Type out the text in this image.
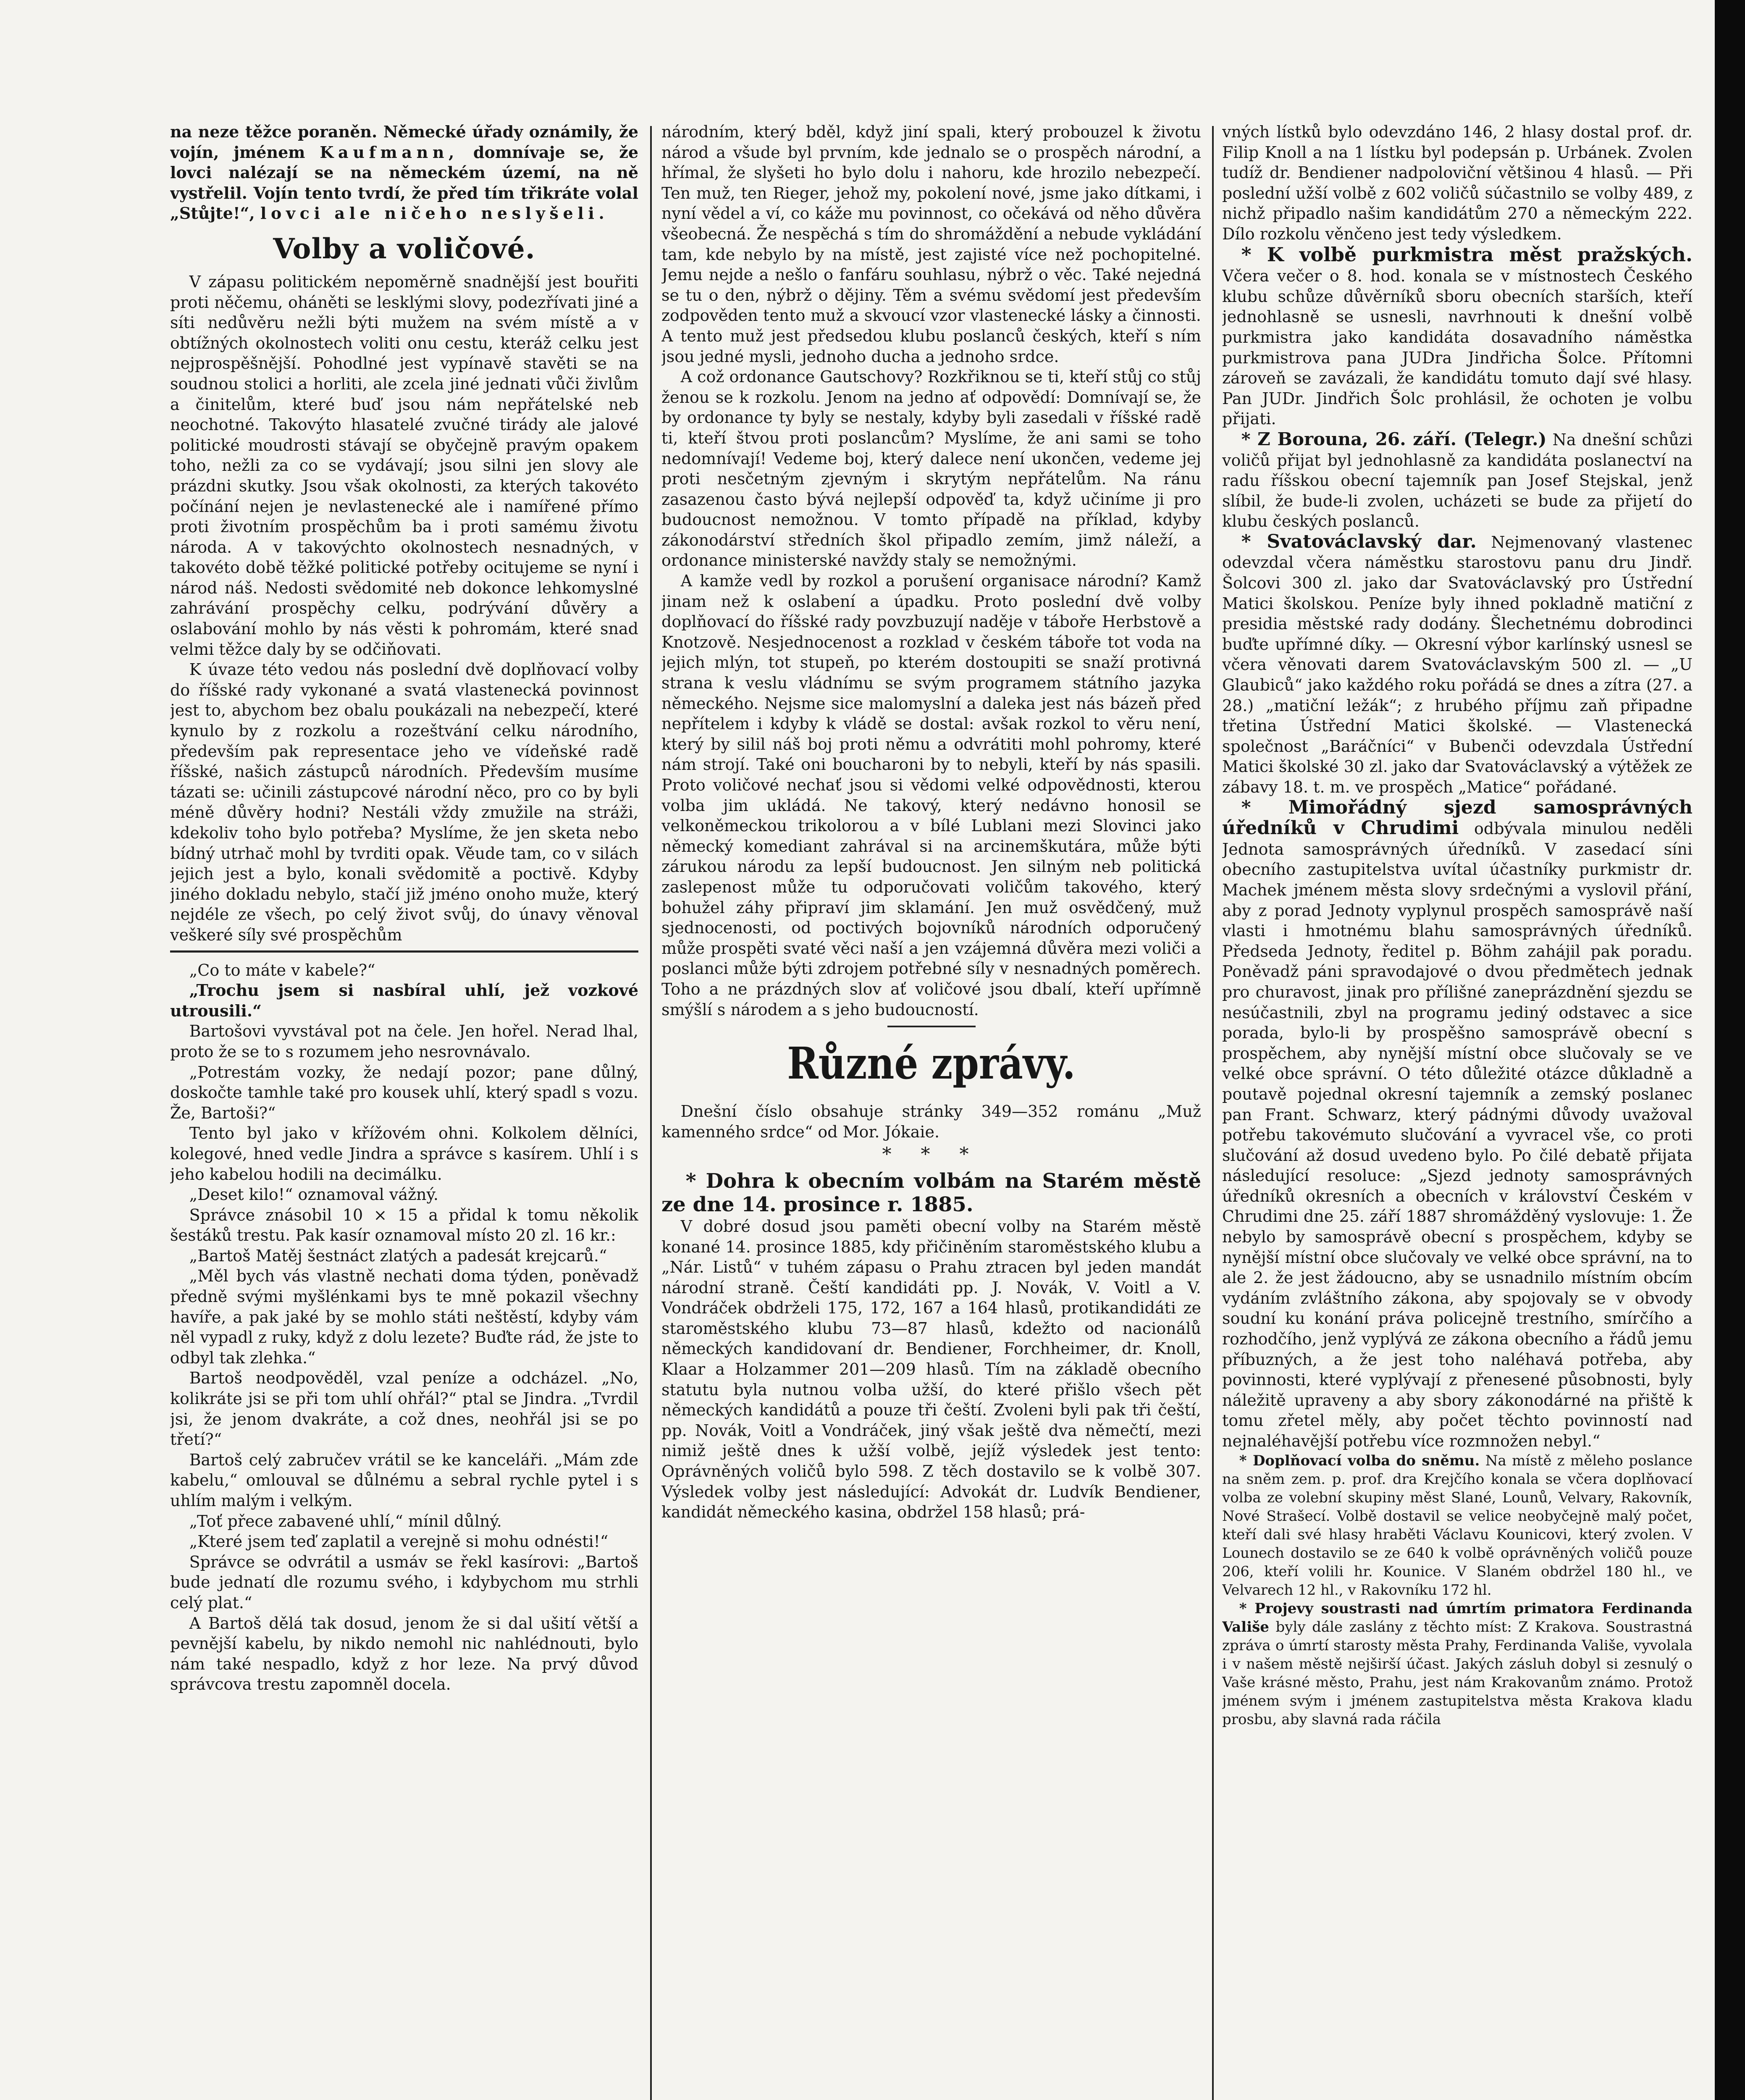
na neze těžce poraněn. Německé úřady oznámily, že vojín, jménem Kaufmann, domnívaje se, že lovci nalézají se na německém území, na ně vystřelil. Vojín tento tvrdí, že před tím třikráte volal „Stůjte!“, lovci ale ničeho neslyšeli.

Volby a voličové.

V zápasu politickém nepoměrně snadnější jest bouřiti proti něčemu, oháněti se lesklými slovy, podezřívati jiné a síti nedůvěru nežli býti mužem na svém místě a v obtížných okolnostech voliti onu cestu, kteráž celku jest nejprospěšnější. Pohodlné jest vypínavě stavěti se na soudnou stolici a horliti, ale zcela jiné jednati vůči živlům a činitelům, které buď jsou nám nepřátelské neb neochotné. Takovýto hlasatelé zvučné tirády ale jalové politické moudrosti stávají se obyčejně pravým opakem toho, nežli za co se vydávají; jsou silni jen slovy ale prázdni skutky. Jsou však okolnosti, za kterých takovéto počínání nejen je nevlastenecké ale i namířené přímo proti životním prospěchům ba i proti samému životu národa. A v takovýchto okolnostech nesnadných, v takovéto době těžké politické potřeby ocitujeme se nyní i národ náš. Nedosti svědomité neb dokonce lehkomyslné zahrávání prospěchy celku, podrývání důvěry a oslabování mohlo by nás věsti k pohromám, které snad velmi těžce daly by se odčiňovati.

K úvaze této vedou nás poslední dvě doplňovací volby do říšské rady vykonané a svatá vlastenecká povinnost jest to, abychom bez obalu poukázali na nebezpečí, které kynulo by z rozkolu a rozeštvání celku národního, především pak representace jeho ve vídeňské radě říšské, našich zástupců národních. Především musíme tázati se: učinili zástupcové národní něco, pro co by byli méně důvěry hodni? Nestáli vždy zmužile na stráži, kdekoliv toho bylo potřeba? Myslíme, že jen sketa nebo bídný utrhač mohl by tvrditi opak. Věude tam, co v silách jejich jest a bylo, konali svědomitě a poctivě. Kdyby jiného dokladu nebylo, stačí již jméno onoho muže, který nejdéle ze všech, po celý život svůj, do únavy věnoval veškeré síly své prospěchům

„Co to máte v kabele?“

„Trochu jsem si nasbíral uhlí, jež vozkové utrousili.“

Bartošovi vyvstával pot na čele. Jen hořel. Nerad lhal, proto že se to s rozumem jeho nesrovnávalo.

„Potrestám vozky, že nedají pozor; pane důlný, doskočte tamhle také pro kousek uhlí, který spadl s vozu. Že, Bartoši?“

Tento byl jako v křížovém ohni. Kolkolem dělníci, kolegové, hned vedle Jindra a správce s kasírem. Uhlí i s jeho kabelou hodili na decimálku.

„Deset kilo!“ oznamoval vážný.

Správce znásobil 10 × 15 a přidal k tomu několik šestáků trestu. Pak kasír oznamoval místo 20 zl. 16 kr.:

„Bartoš Matěj šestnáct zlatých a padesát krejcarů.“

„Měl bych vás vlastně nechati doma týden, poněvadž předně svými myšlénkami bys te mně pokazil všechny havíře, a pak jaké by se mohlo státi neštěstí, kdyby vám něl vypadl z ruky, když z dolu lezete? Buďte rád, že jste to odbyl tak zlehka.“

Bartoš neodpověděl, vzal peníze a odcházel. „No, kolikráte jsi se při tom uhlí ohřál?“ ptal se Jindra. „Tvrdil jsi, že jenom dvakráte, a což dnes, neohřál jsi se po třetí?“

Bartoš celý zabručev vrátil se ke kanceláři. „Mám zde kabelu,“ omlouval se důlnému a sebral rychle pytel i s uhlím malým i velkým.

„Toť přece zabavené uhlí,“ mínil důlný.

„Které jsem teď zaplatil a verejně si mohu odnésti!“

Správce se odvrátil a usmáv se řekl kasírovi: „Bartoš bude jednatí dle rozumu svého, i kdybychom mu strhli celý plat.“

A Bartoš dělá tak dosud, jenom že si dal ušití větší a pevnější kabelu, by nikdo nemohl nic nahlédnouti, bylo nám také nespadlo, když z hor leze. Na prvý důvod správcova trestu zapomněl docela.

národním, který bděl, když jiní spali, který probouzel k životu národ a všude byl prvním, kde jednalo se o prospěch národní, a hřímal, že slyšeti ho bylo dolu i nahoru, kde hrozilo nebezpečí. Ten muž, ten Rieger, jehož my, pokolení nové, jsme jako dítkami, i nyní vědel a ví, co káže mu povinnost, co očekává od něho důvěra všeobecná. Že nespěchá s tím do shromáždění a nebude vykládání tam, kde nebylo by na místě, jest zajisté více než pochopitelné. Jemu nejde a nešlo o fanfáru souhlasu, nýbrž o věc. Také nejedná se tu o den, nýbrž o dějiny. Těm a svému svědomí jest především zodpověden tento muž a skvoucí vzor vlastenecké lásky a činnosti. A tento muž jest předsedou klubu poslanců českých, kteří s ním jsou jedné mysli, jednoho ducha a jednoho srdce.

A což ordonance Gautschovy? Rozkřiknou se ti, kteří stůj co stůj ženou se k rozkolu. Jenom na jedno ať odpovědí: Domnívají se, že by ordonance ty byly se nestaly, kdyby byli zasedali v říšské radě ti, kteří štvou proti poslancům? Myslíme, že ani sami se toho nedomnívají! Vedeme boj, který dalece není ukončen, vedeme jej proti nesčetným zjevným i skrytým nepřátelům. Na ránu zasazenou často bývá nejlepší odpověď ta, když učiníme ji pro budoucnost nemožnou. V tomto případě na příklad, kdyby zákonodárství středních škol připadlo zemím, jimž náleží, a ordonance ministerské navždy staly se nemožnými.

A kamže vedl by rozkol a porušení organisace národní? Kamž jinam než k oslabení a úpadku. Proto poslední dvě volby doplňovací do říšské rady povzbuzují naděje v táboře Herbstově a Knotzově. Nesjednocenost a rozklad v českém táboře tot voda na jejich mlýn, tot stupeň, po kterém dostoupiti se snaží protivná strana k veslu vládnímu se svým programem státního jazyka německého. Nejsme sice malomyslní a daleka jest nás bázeň před nepřítelem i kdyby k vládě se dostal: avšak rozkol to věru není, který by silil náš boj proti němu a odvrátiti mohl pohromy, které nám strojí. Také oni boucharoni by to nebyli, kteří by nás spasili. Proto voličové nechať jsou si vědomi velké odpovědnosti, kterou volba jim ukládá. Ne takový, který nedávno honosil se velkoněmeckou trikolorou a v bílé Lublani mezi Slovinci jako německý komediant zahrával si na arcinemškutára, může býti zárukou národu za lepší budoucnost. Jen silným neb politická zaslepenost může tu odporučovati voličům takového, který bohužel záhy připraví jim sklamání. Jen muž osvědčený, muž sjednocenosti, od poctivých bojovníků národních odporučený může prospěti svaté věci naší a jen vzájemná důvěra mezi voliči a poslanci může býti zdrojem potřebné síly v nesnadných poměrech. Toho a ne prázdných slov ať voličové jsou dbalí, kteří upřímně smýšlí s národem a s jeho budoucností.

Různé zprávy.

Dnešní číslo obsahuje stránky 349—352 románu „Muž kamenného srdce“ od Mor. Jókaie.

* * *

* Dohra k obecním volbám na Starém městě ze dne 14. prosince r. 1885.

V dobré dosud jsou paměti obecní volby na Starém městě konané 14. prosince 1885, kdy přičiněním staroměstského klubu a „Nár. Listů“ v tuhém zápasu o Prahu ztracen byl jeden mandát národní straně. Čeští kandidáti pp. J. Novák, V. Voitl a V. Vondráček obdrželi 175, 172, 167 a 164 hlasů, protikandidáti ze staroměstského klubu 73—87 hlasů, kdežto od nacionálů německých kandidovaní dr. Bendiener, Forchheimer, dr. Knoll, Klaar a Holzammer 201—209 hlasů. Tím na základě obecního statutu byla nutnou volba užší, do které přišlo všech pět německých kandidátů a pouze tři čeští. Zvoleni byli pak tři čeští, pp. Novák, Voitl a Vondráček, jiný však ještě dva němečtí, mezi nimiž ještě dnes k užší volbě, jejíž výsledek jest tento: Oprávněných voličů bylo 598. Z těch dostavilo se k volbě 307. Výsledek volby jest následující: Advokát dr. Ludvík Bendiener, kandidát německého kasina, obdržel 158 hlasů; prá-

vných lístků bylo odevzdáno 146, 2 hlasy dostal prof. dr. Filip Knoll a na 1 lístku byl podepsán p. Urbánek. Zvolen tudíž dr. Bendiener nadpoloviční většinou 4 hlasů. — Při poslední užší volbě z 602 voličů súčastnilo se volby 489, z nichž připadlo našim kandidátům 270 a německým 222. Dílo rozkolu věnčeno jest tedy výsledkem.

* K volbě purkmistra měst pražských. Včera večer o 8. hod. konala se v místnostech Českého klubu schůze důvěrníků sboru obecních starších, kteří jednohlasně se usnesli, navrhnouti k dnešní volbě purkmistra jako kandidáta dosavadního náměstka purkmistrova pana JUDra Jindřicha Šolce. Přítomni zároveň se zavázali, že kandidátu tomuto dají své hlasy. Pan JUDr. Jindřich Šolc prohlásil, že ochoten je volbu přijati.

* Z Borouna, 26. září. (Telegr.) Na dnešní schůzi voličů přijat byl jednohlasně za kandidáta poslanectví na radu říšskou obecní tajemník pan Josef Stejskal, jenž slíbil, že bude-li zvolen, ucházeti se bude za přijetí do klubu českých poslanců.

* Svatováclavský dar. Nejmenovaný vlastenec odevzdal včera náměstku starostovu panu dru Jindř. Šolcovi 300 zl. jako dar Svatováclavský pro Ústřední Matici školskou. Peníze byly ihned pokladně matiční z presidia městské rady dodány. Šlechetnému dobrodinci buďte upřímné díky. — Okresní výbor karlínský usnesl se včera věnovati darem Svatováclavským 500 zl. — „U Glaubiců“ jako každého roku pořádá se dnes a zítra (27. a 28.) „matiční ležák“; z hrubého příjmu zaň připadne třetina Ústřední Matici školské. — Vlastenecká společnost „Baráčníci“ v Bubenči odevzdala Ústřední Matici školské 30 zl. jako dar Svatováclavský a výtěžek ze zábavy 18. t. m. ve prospěch „Matice“ pořádané.

* Mimořádný sjezd samosprávných úředníků v Chrudimi odbývala minulou neděli Jednota samosprávných úředníků. V zasedací síni obecního zastupitelstva uvítal účastníky purkmistr dr. Machek jménem města slovy srdečnými a vyslovil přání, aby z porad Jednoty vyplynul prospěch samosprávě naší vlasti i hmotnému blahu samosprávných úředníků. Předseda Jednoty, ředitel p. Böhm zahájil pak poradu. Poněvadž páni spravodajové o dvou předmětech jednak pro churavost, jinak pro přílišné zaneprázdnění sjezdu se nesúčastnili, zbyl na programu jediný odstavec a sice porada, bylo-li by prospěšno samosprávě obecní s prospěchem, aby nynější místní obce slučovaly se ve velké obce správní. O této důležité otázce důkladně a poutavě pojednal okresní tajemník a zemský poslanec pan Frant. Schwarz, který pádnými důvody uvažoval potřebu takovémuto slučování a vyvracel vše, co proti slučování až dosud uvedeno bylo. Po čilé debatě přijata následující resoluce: „Sjezd jednoty samosprávných úředníků okresních a obecních v království Českém v Chrudimi dne 25. září 1887 shromážděný vyslovuje: 1. Že nebylo by samosprávě obecní s prospěchem, kdyby se nynější místní obce slučovaly ve velké obce správní, na to ale 2. že jest žádoucno, aby se usnadnilo místním obcím vydáním zvláštního zákona, aby spojovaly se v obvody soudní ku konání práva policejně trestního, smírčího a rozhodčího, jenž vyplývá ze zákona obecního a řádů jemu příbuzných, a že jest toho naléhavá potřeba, aby povinnosti, které vyplývají z přenesené působnosti, byly náležitě upraveny a aby sbory zákonodárné na přiště k tomu zřetel měly, aby počet těchto povinností nad nejnaléhavější potřebu více rozmnožen nebyl.“

* Doplňovací volba do sněmu. Na místě z měleho poslance na sněm zem. p. prof. dra Krejčího konala se včera doplňovací volba ze volební skupiny měst Slané, Lounů, Velvary, Rakovník, Nové Strašecí. Volbě dostavil se velice neobyčejně malý počet, kteří dali své hlasy hraběti Václavu Kounicovi, který zvolen. V Lounech dostavilo se ze 640 k volbě oprávněných voličů pouze 206, kteří volili hr. Kounice. V Slaném obdržel 180 hl., ve Velvarech 12 hl., v Rakovníku 172 hl.

* Projevy soustrasti nad úmrtím primatora Ferdinanda Vališe byly dále zaslány z těchto míst: Z Krakova. Soustrastná zpráva o úmrtí starosty města Prahy, Ferdinanda Vališe, vyvolala i v našem městě nejširší účast. Jakých zásluh dobyl si zesnulý o Vaše krásné město, Prahu, jest nám Krakovanům známo. Protož jménem svým i jménem zastupitelstva města Krakova kladu prosbu, aby slavná rada ráčila
